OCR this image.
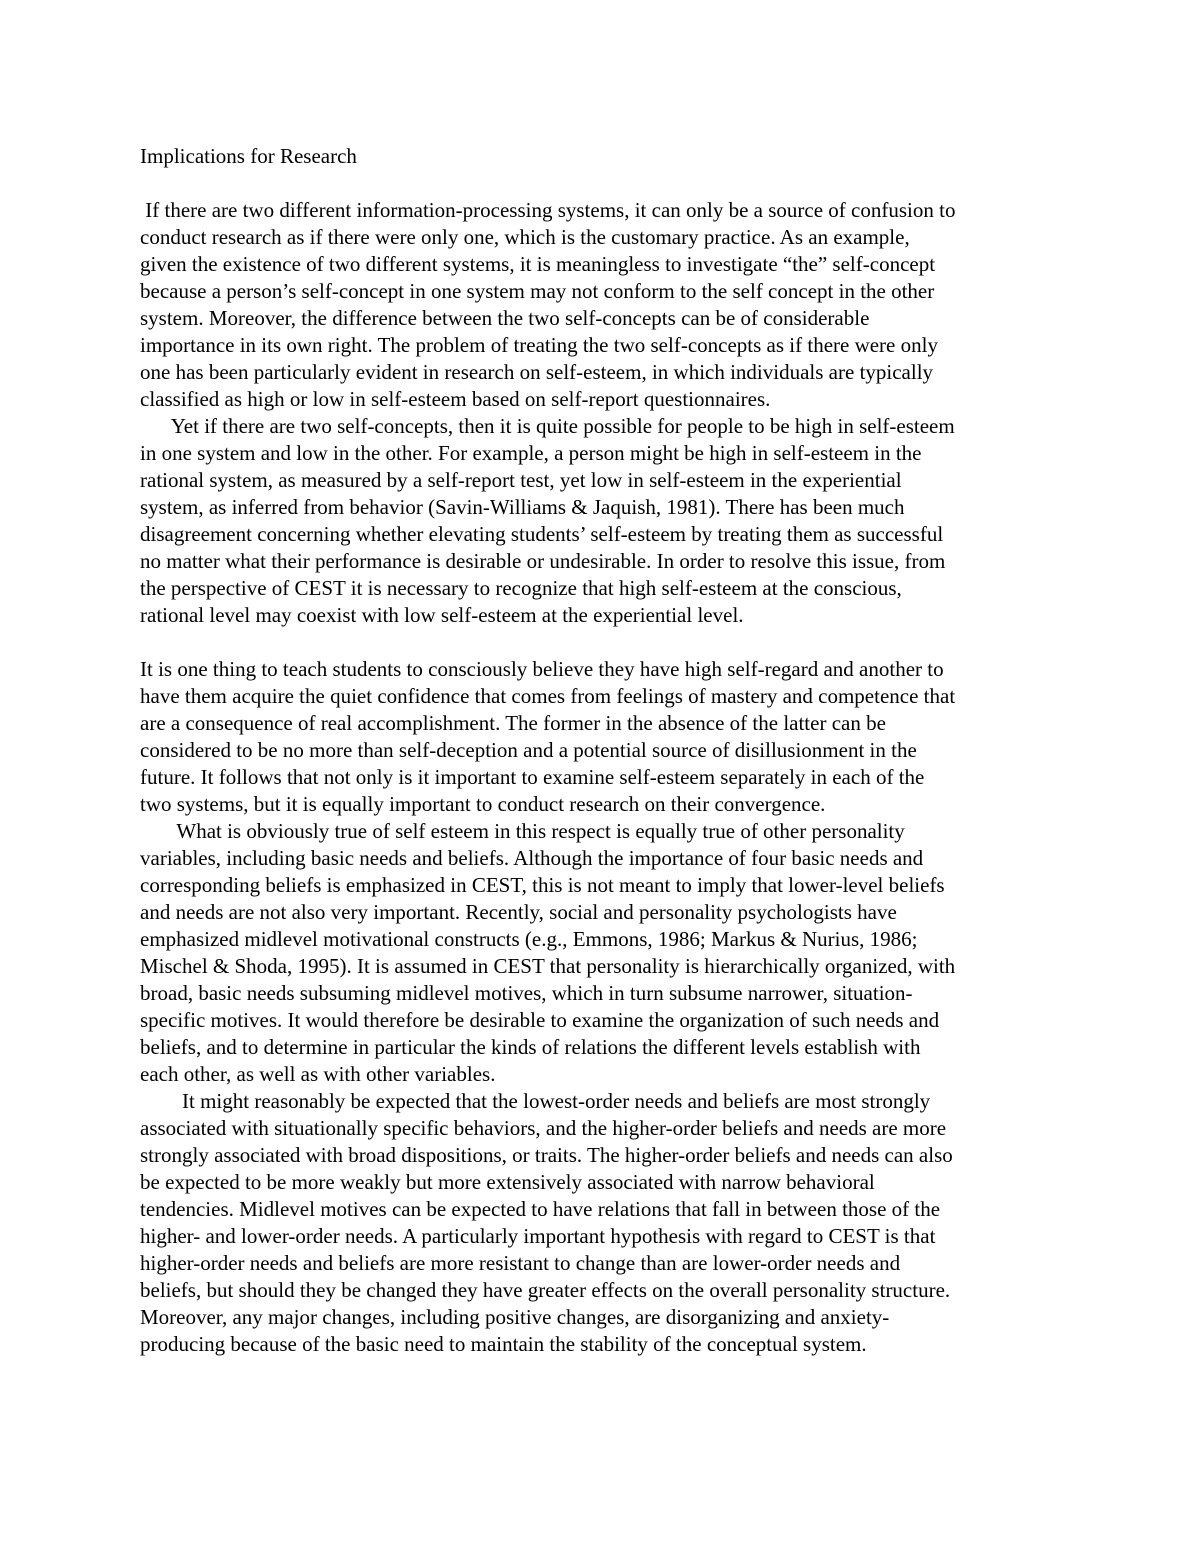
Implications for Research
If there are two different information-processing systems, it can only be a source of confusion to
conduct research as if there were only one, which is the customary practice. As an example,
given the existence of two different systems, it is meaningless to investigate “the” self-concept
because a person’s self-concept in one system may not conform to the self concept in the other
system. Moreover, the difference between the two self-concepts can be of considerable
importance in its own right. The problem of treating the two self-concepts as if there were only
one has been particularly evident in research on self-esteem, in which individuals are typically
classified as high or low in self-esteem based on self-report questionnaires.
Yet if there are two self-concepts, then it is quite possible for people to be high in self-esteem
in one system and low in the other. For example, a person might be high in self-esteem in the
rational system, as measured by a self-report test, yet low in self-esteem in the experiential
system, as inferred from behavior (Savin-Williams & Jaquish, 1981). There has been much
disagreement concerning whether elevating students’ self-esteem by treating them as successful
no matter what their performance is desirable or undesirable. In order to resolve this issue, from
the perspective of CEST it is necessary to recognize that high self-esteem at the conscious,
rational level may coexist with low self-esteem at the experiential level.
It is one thing to teach students to consciously believe they have high self-regard and another to
have them acquire the quiet confidence that comes from feelings of mastery and competence that
are a consequence of real accomplishment. The former in the absence of the latter can be
considered to be no more than self-deception and a potential source of disillusionment in the
future. It follows that not only is it important to examine self-esteem separately in each of the
two systems, but it is equally important to conduct research on their convergence.
What is obviously true of self esteem in this respect is equally true of other personality
variables, including basic needs and beliefs. Although the importance of four basic needs and
corresponding beliefs is emphasized in CEST, this is not meant to imply that lower-level beliefs
and needs are not also very important. Recently, social and personality psychologists have
emphasized midlevel motivational constructs (e.g., Emmons, 1986; Markus & Nurius, 1986;
Mischel & Shoda, 1995). It is assumed in CEST that personality is hierarchically organized, with
broad, basic needs subsuming midlevel motives, which in turn subsume narrower, situation-
specific motives. It would therefore be desirable to examine the organization of such needs and
beliefs, and to determine in particular the kinds of relations the different levels establish with
each other, as well as with other variables.
It might reasonably be expected that the lowest-order needs and beliefs are most strongly
associated with situationally specific behaviors, and the higher-order beliefs and needs are more
strongly associated with broad dispositions, or traits. The higher-order beliefs and needs can also
be expected to be more weakly but more extensively associated with narrow behavioral
tendencies. Midlevel motives can be expected to have relations that fall in between those of the
higher- and lower-order needs. A particularly important hypothesis with regard to CEST is that
higher-order needs and beliefs are more resistant to change than are lower-order needs and
beliefs, but should they be changed they have greater effects on the overall personality structure.
Moreover, any major changes, including positive changes, are disorganizing and anxiety-
producing because of the basic need to maintain the stability of the conceptual system.
